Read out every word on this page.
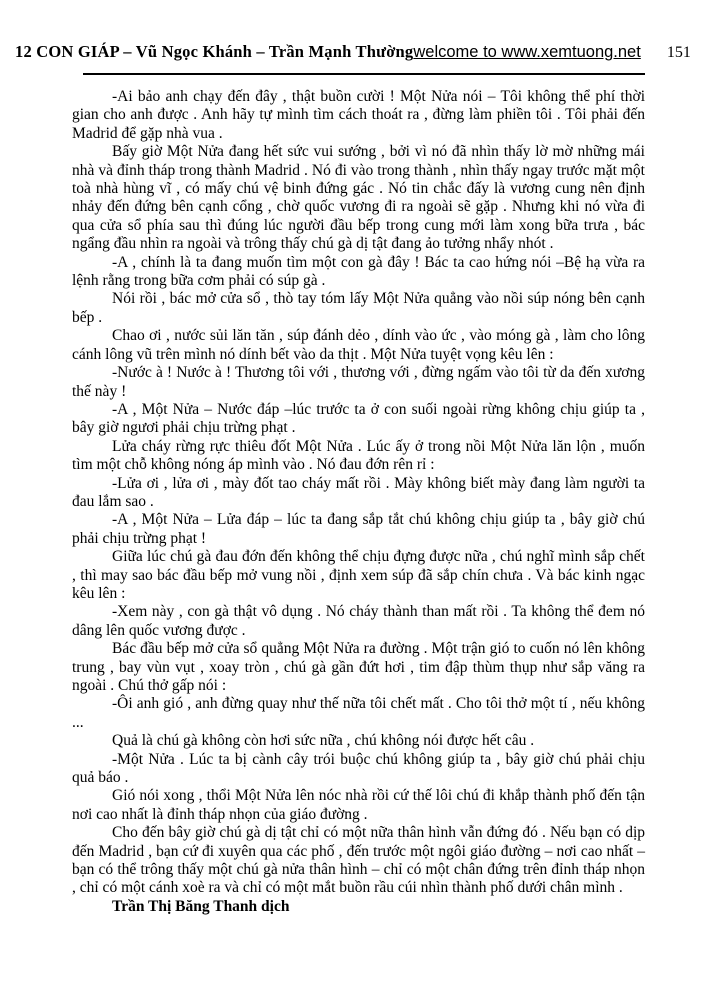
12 CON GIÁP – Vũ Ngọc Khánh – Trần Mạnh Thường welcome to www.xemtuong.net 151

-Ai bảo anh chạy đến đây , thật buồn cười ! Một Nửa nói – Tôi không thể phí thời gian cho anh được . Anh hãy tự mình tìm cách thoát ra , đừng làm phiền tôi . Tôi phải đến Madrid để gặp nhà vua .

Bấy giờ Một Nửa đang hết sức vui sướng , bởi vì nó đã nhìn thấy lờ mờ những mái nhà và đỉnh tháp trong thành Madrid . Nó đi vào trong thành , nhìn thấy ngay trước mặt một toà nhà hùng vĩ , có mấy chú vệ binh đứng gác . Nó tin chắc đấy là vương cung nên định nhảy đến đứng bên cạnh cổng , chờ quốc vương đi ra ngoài sẽ gặp . Nhưng khi nó vừa đi qua cửa sổ phía sau thì đúng lúc người đầu bếp trong cung mới làm xong bữa trưa , bác ngẩng đầu nhìn ra ngoài và trông thấy chú gà dị tật đang ảo tưởng nhẩy nhót .

-A , chính là ta đang muốn tìm một con gà đây ! Bác ta cao hứng nói –Bệ hạ vừa ra lệnh rằng trong bữa cơm phải có súp gà .

Nói rồi , bác mở cửa sổ , thò tay tóm lấy Một Nửa quẳng vào nồi súp nóng bên cạnh bếp .

Chao ơi , nước sủi lăn tăn , súp đánh dẻo , dính vào ức , vào móng gà , làm cho lông cánh lông vũ trên mình nó dính bết vào da thịt . Một Nửa tuyệt vọng kêu lên :

-Nước à ! Nước à ! Thương tôi với , thương với , đừng ngấm vào tôi từ da đến xương thế này !

-A , Một Nửa – Nước đáp –lúc trước ta ở con suối ngoài rừng không chịu giúp ta , bây giờ ngươi phải chịu trừng phạt .

Lửa cháy rừng rực thiêu đốt Một Nửa . Lúc ấy ở trong nồi Một Nửa lăn lộn , muốn tìm một chỗ không nóng áp mình vào . Nó đau đớn rên rỉ :

-Lửa ơi , lửa ơi , mày đốt tao cháy mất rồi . Mày không biết mày đang làm người ta đau lắm sao .

-A , Một Nửa – Lửa đáp – lúc ta đang sắp tắt chú không chịu giúp ta , bây giờ chú phải chịu trừng phạt !

Giữa lúc chú gà đau đớn đến không thể chịu đựng được nữa , chú nghĩ mình sắp chết , thì may sao bác đầu bếp mở vung nồi , định xem súp đã sắp chín chưa . Và bác kinh ngạc kêu lên :

-Xem này , con gà thật vô dụng . Nó cháy thành than mất rồi . Ta không thể đem nó dâng lên quốc vương được .

Bác đầu bếp mở cửa sổ quẳng Một Nửa ra đường . Một trận gió to cuốn nó lên không trung , bay vùn vụt , xoay tròn , chú gà gần đứt hơi , tim đập thùm thụp như sắp văng ra ngoài . Chú thở gấp nói :

-Ôi anh gió , anh đừng quay như thế nữa tôi chết mất . Cho tôi thở một tí , nếu không ...

Quả là chú gà không còn hơi sức nữa , chú không nói được hết câu .

-Một Nửa . Lúc ta bị cành cây trói buộc chú không giúp ta , bây giờ chú phải chịu quả báo .

Gió nói xong , thổi Một Nửa lên nóc nhà rồi cứ thế lôi chú đi khắp thành phố đến tận nơi cao nhất là đỉnh tháp nhọn của giáo đường .

Cho đến bây giờ chú gà dị tật chỉ có một nữa thân hình vẫn đứng đó . Nếu bạn có dịp đến Madrid , bạn cứ đi xuyên qua các phố , đến trước một ngôi giáo đường – nơi cao nhất – bạn có thể trông thấy một chú gà nửa thân hình – chỉ có một chân đứng trên đỉnh tháp nhọn , chỉ có một cánh xoè ra và chỉ có một mắt buồn rầu cúi nhìn thành phố dưới chân mình .

Trần Thị Băng Thanh dịch
